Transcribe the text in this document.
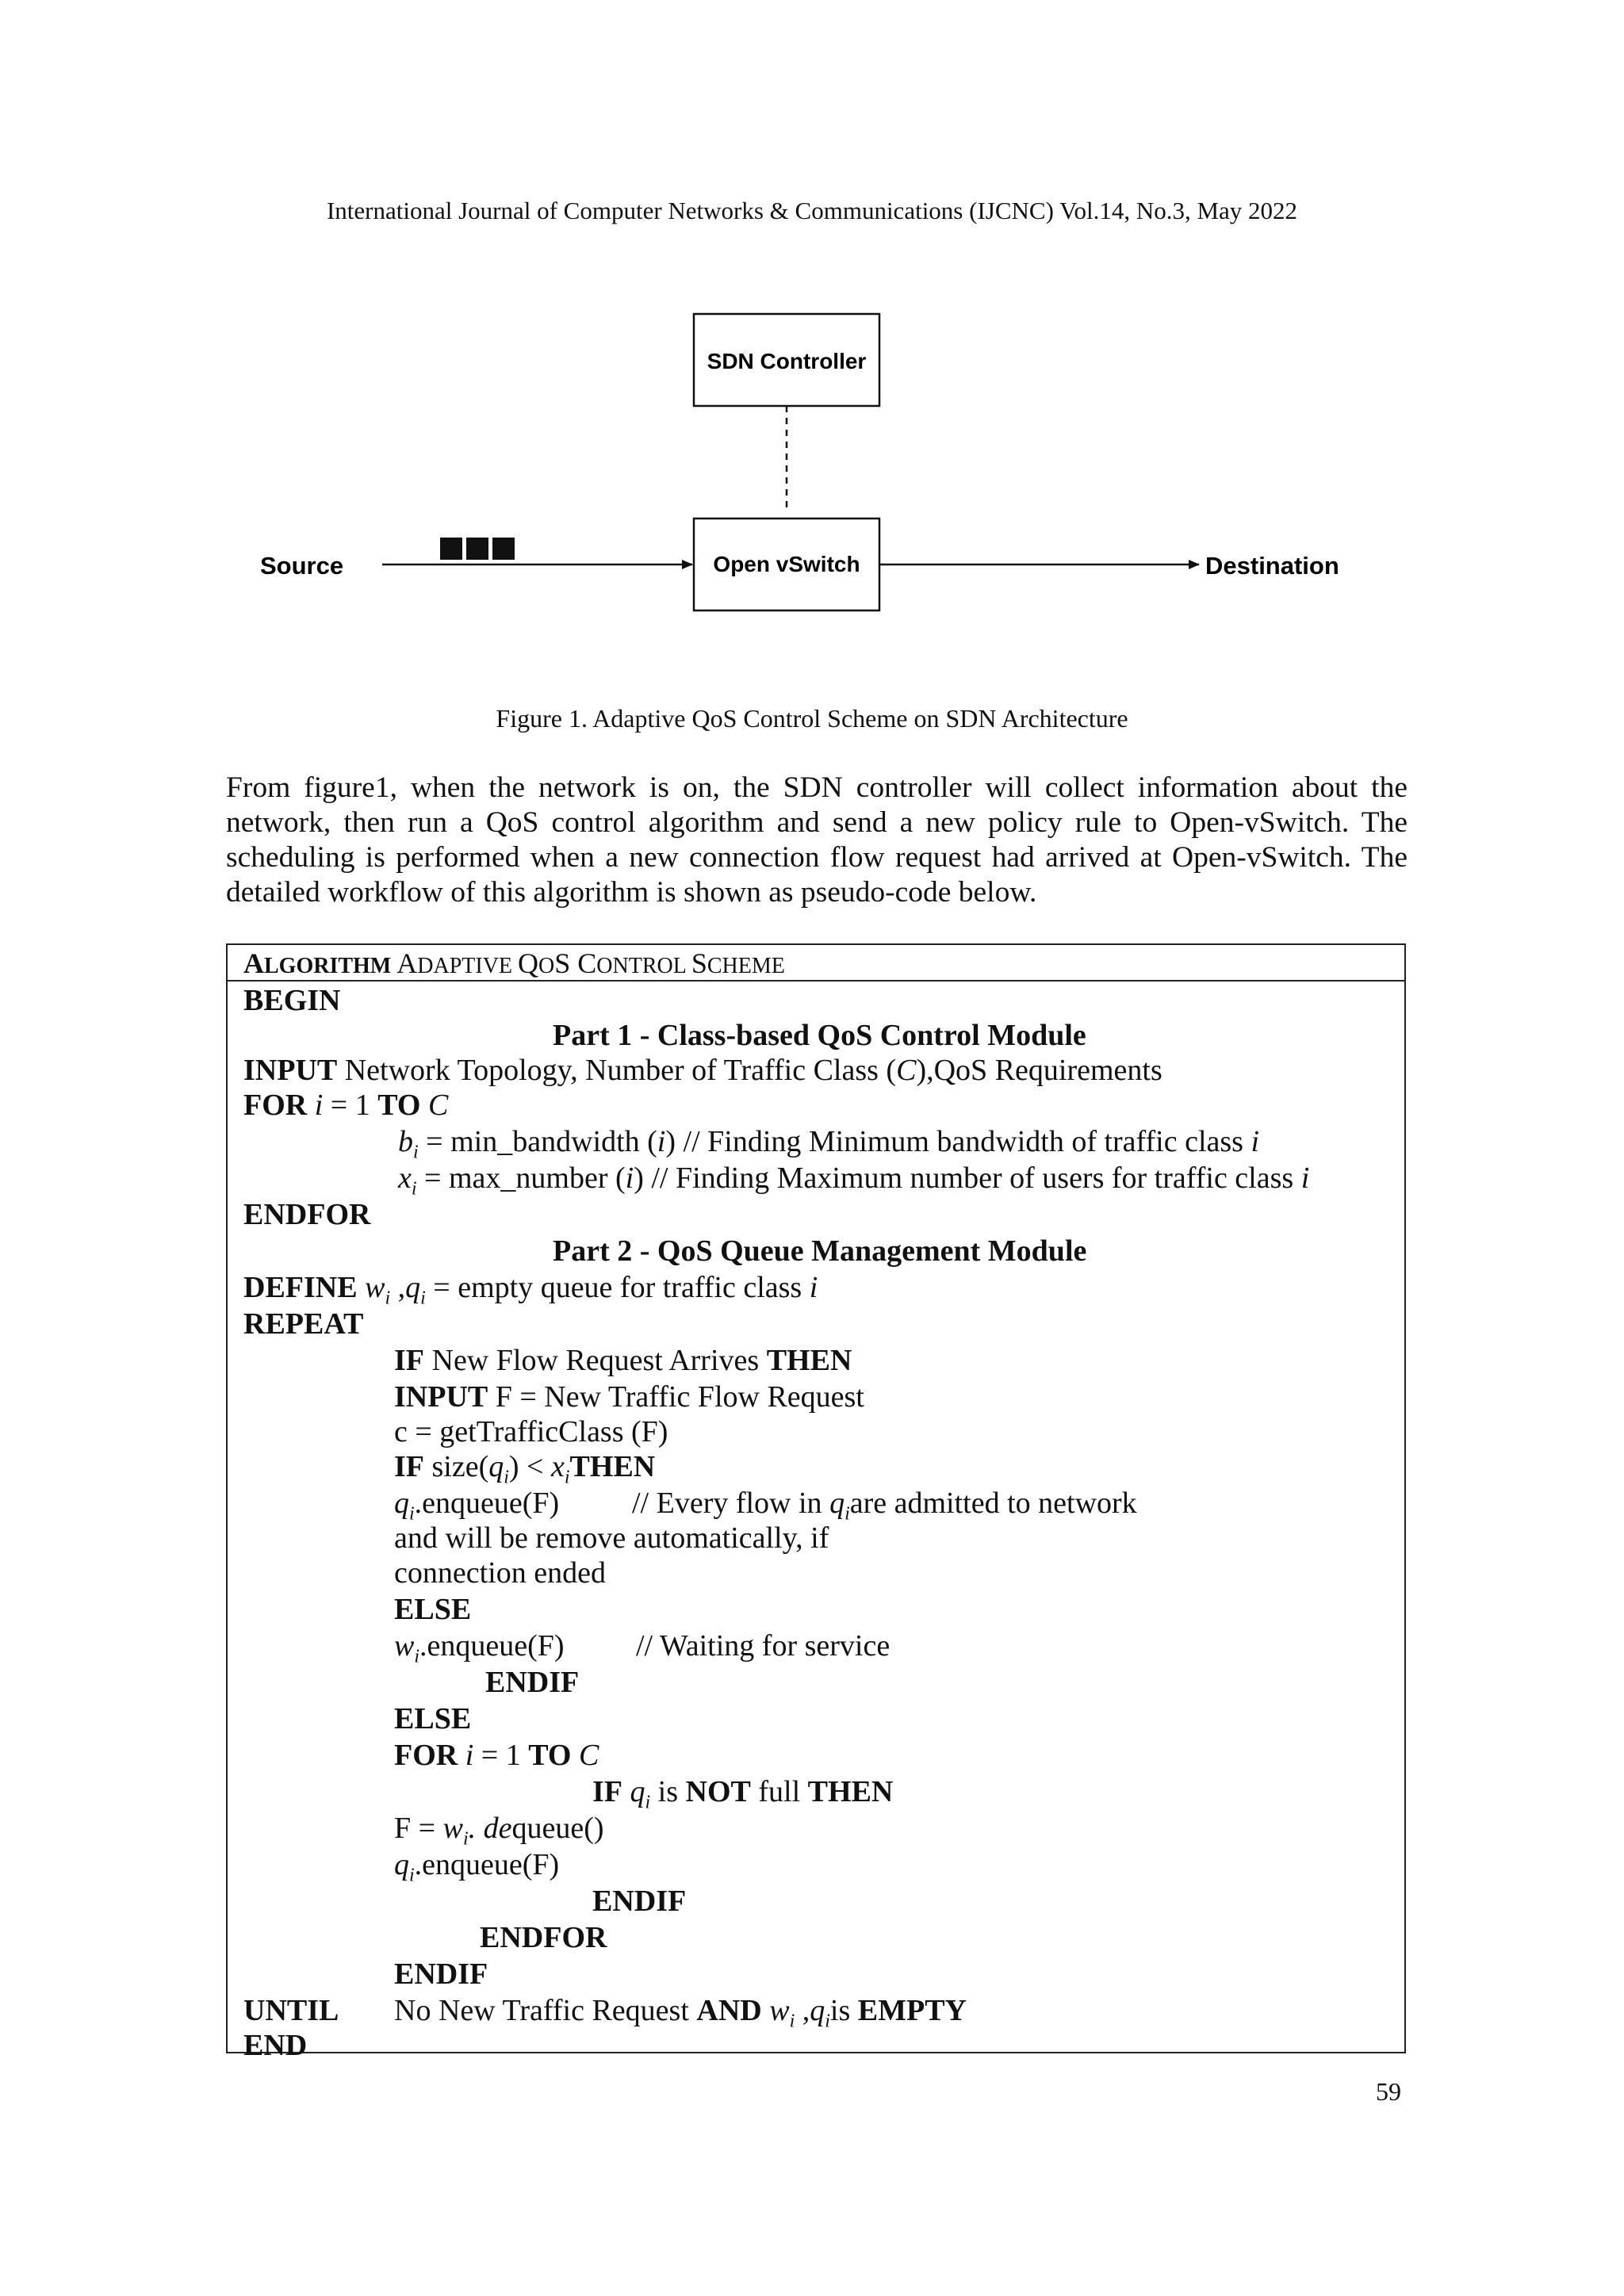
International Journal of Computer Networks & Communications (IJCNC) Vol.14, No.3, May 2022
SDN Controller
Open vSwitch
Source	Destination
Figure 1. Adaptive QoS Control Scheme on SDN Architecture
From figure1, when the network is on, the SDN controller will collect information about the network, then run a QoS control algorithm and send a new policy rule to Open-vSwitch. The scheduling is performed when a new connection flow request had arrived at Open-vSwitch. The detailed workflow of this algorithm is shown as pseudo-code below.
ALGORITHM ADAPTIVE QOS CONTROL SCHEME
BEGIN
Part 1 - Class-based QoS Control Module
INPUT Network Topology, Number of Traffic Class (C),QoS Requirements
FOR i = 1 TO C
$b_i$ = min_bandwidth (i) // Finding Minimum bandwidth of traffic class i
$x_i$ = max_number (i) // Finding Maximum number of users for traffic class i
ENDFOR
Part 2 - QoS Queue Management Module
DEFINE $w_i$ $,q_i$ = empty queue for traffic class i
REPEAT
IF New Flow Request Arrives THEN
INPUT F = New Traffic Flow Request
c = getTrafficClass (F)
IF $size(q_i)$ < $x_iTHEN$
$q_i.enqueue(F)$ // Every flow in $q_iare$ admitted to network
and will be remove automatically, if
connection ended
ELSE
$w_i.enqueue(F)$ // Waiting for service
ENDIF
ELSE
FOR i = 1 TO C
IF $q_i$ is NOT full THEN
$F = w_i$. dequeue()
$q_i.enqueue(F)$
ENDIF
ENDFOR
ENDIF
UNTIL No New Traffic Request AND $w_i$ $,q_iis$ EMPTY
END
59
